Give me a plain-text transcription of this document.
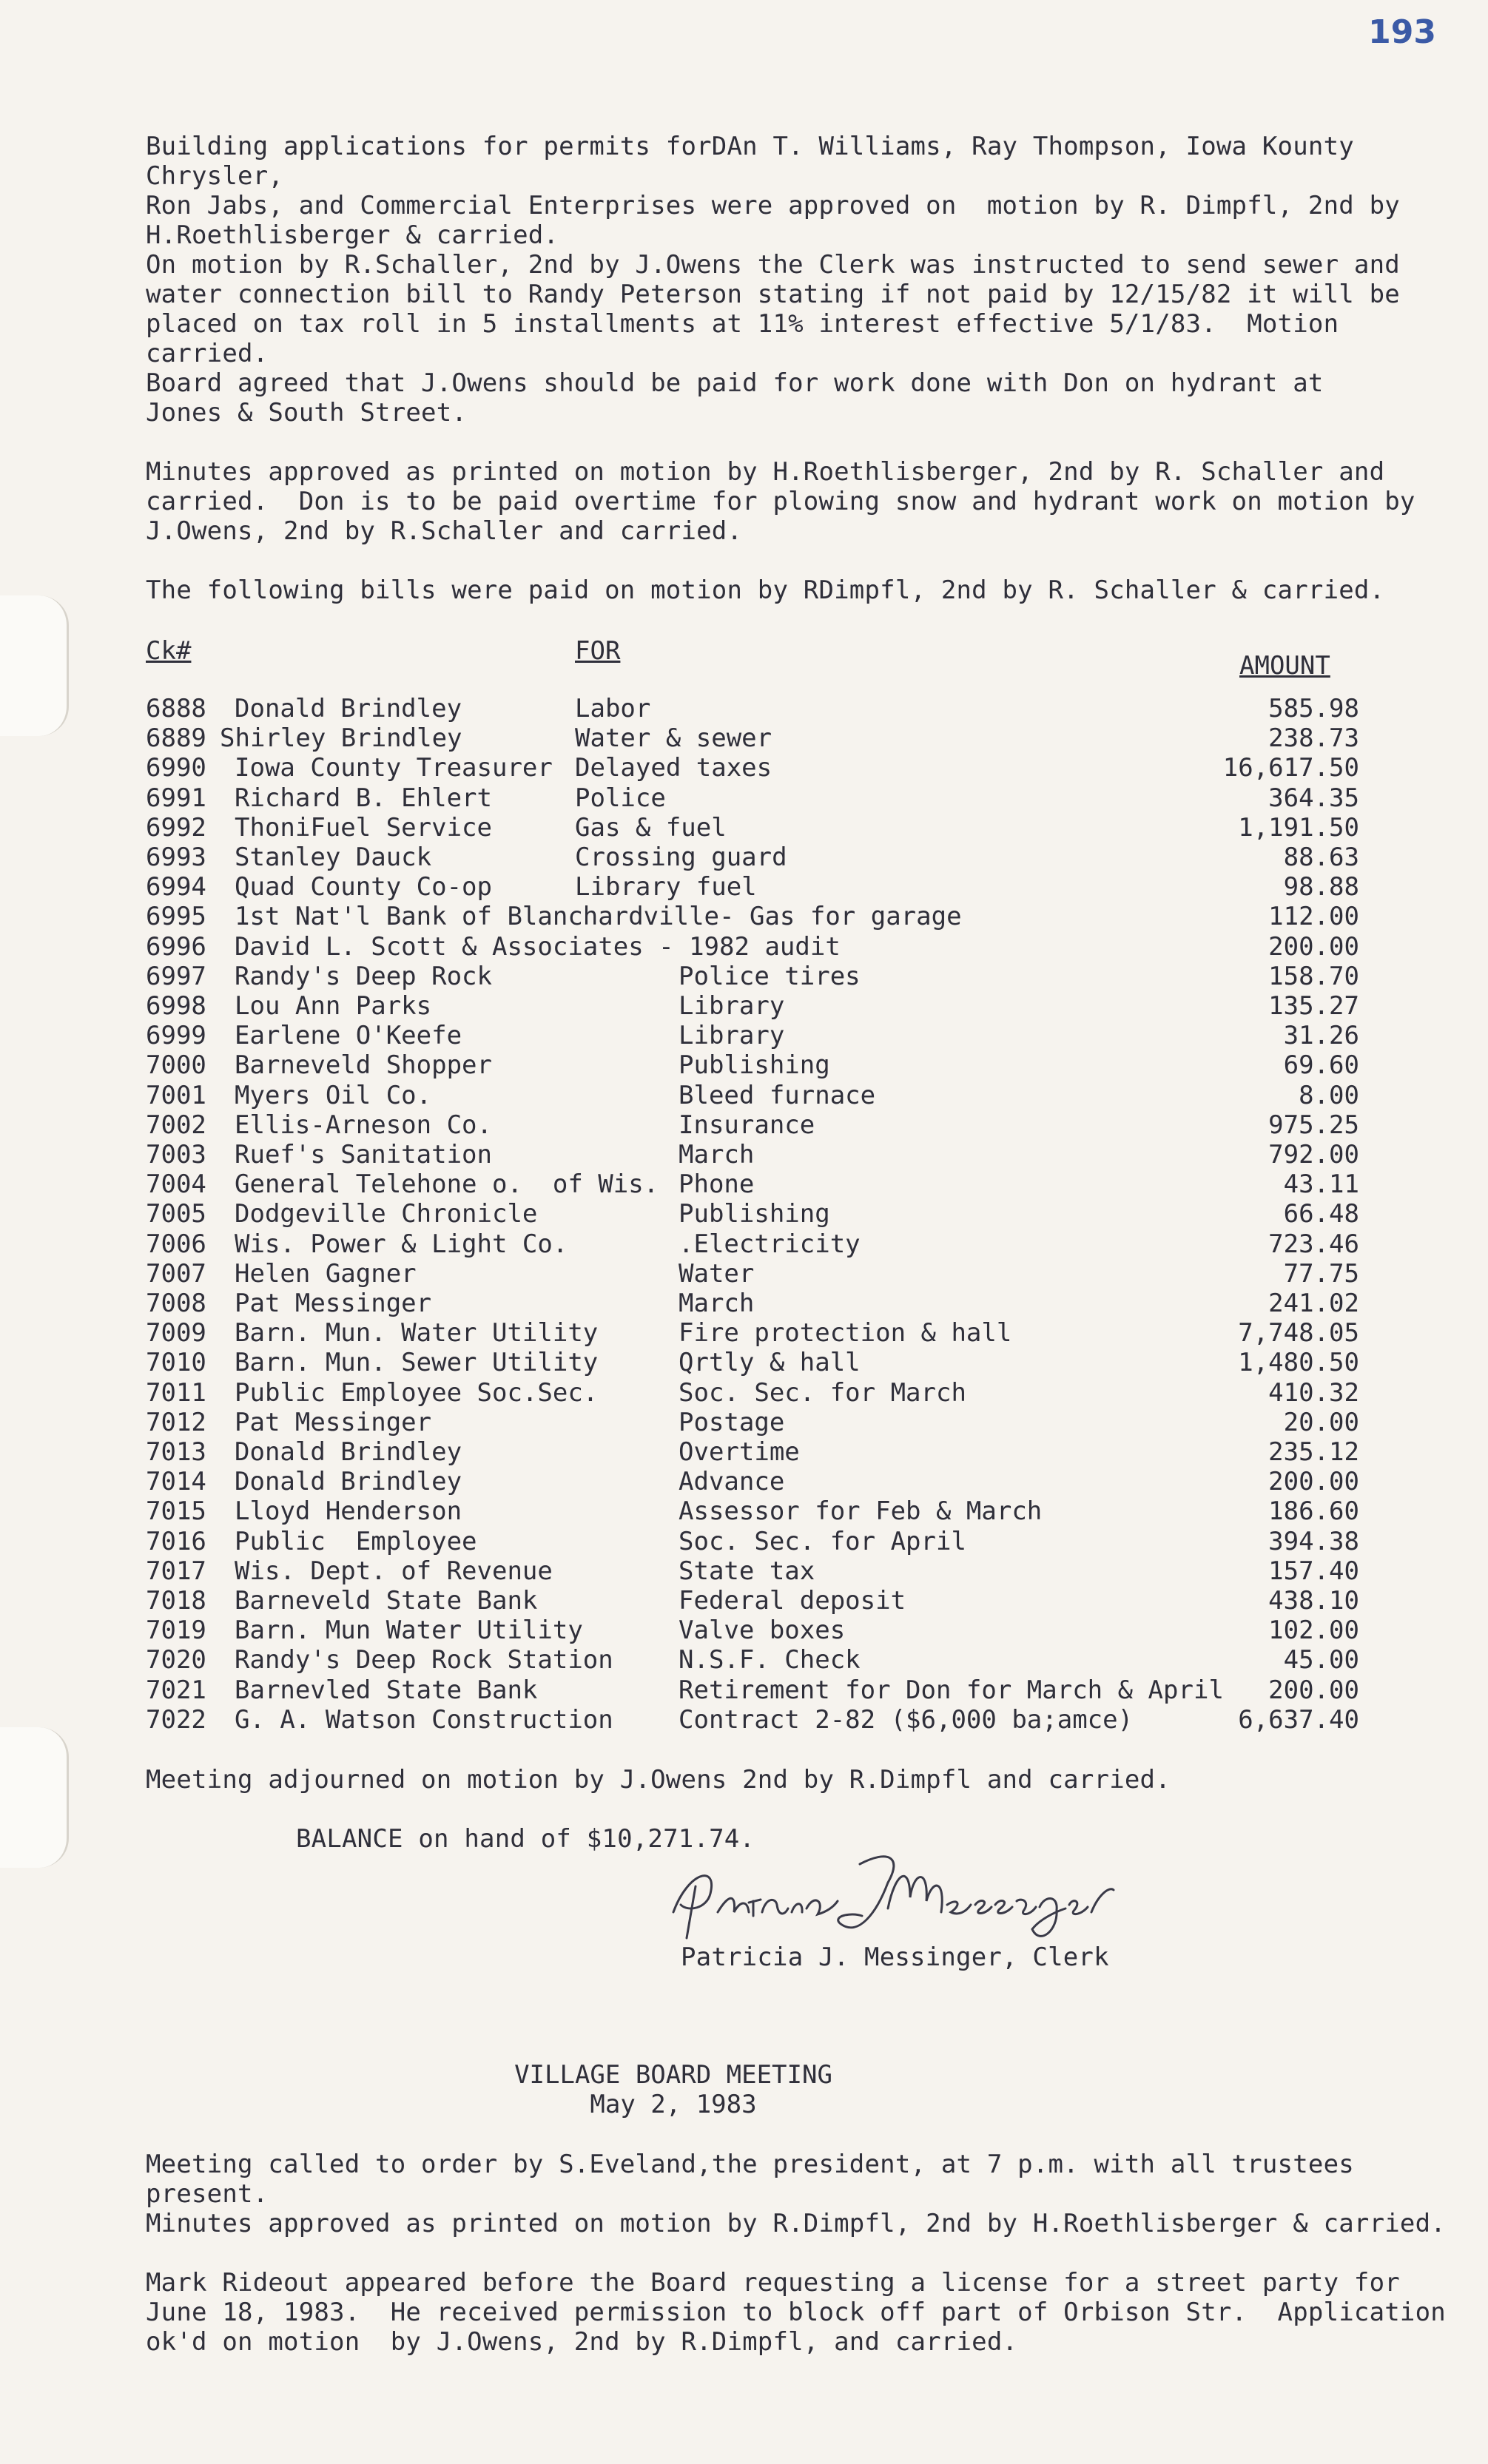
193
Building applications for permits forDAn T. Williams, Ray Thompson, Iowa Kounty Chrysler,
Ron Jabs, and Commercial Enterprises were approved on  motion by R. Dimpfl, 2nd by
H.Roethlisberger & carried.
On motion by R.Schaller, 2nd by J.Owens the Clerk was instructed to send sewer and
water connection bill to Randy Peterson stating if not paid by 12/15/82 it will be
placed on tax roll in 5 installments at 11% interest effective 5/1/83.  Motion carried.
Board agreed that J.Owens should be paid for work done with Don on hydrant at
Jones & South Street.
Minutes approved as printed on motion by H.Roethlisberger, 2nd by R. Schaller and
carried.  Don is to be paid overtime for plowing snow and hydrant work on motion by
J.Owens, 2nd by R.Schaller and carried.
The following bills were paid on motion by RDimpfl, 2nd by R. Schaller & carried.
Ck#	FOR	AMOUNT
6888 Donald Brindley	Labor	585.98
6889 Shirley Brindley	Water & sewer	238.73
6990 Iowa County Treasurer Delayed taxes	16,617.50
6991 Richard B. Ehlert	Police	364.35
6992 ThoniFuel Service	Gas & fuel	1,191.50
6993 Stanley Dauck	Crossing guard	88.63
6994 Quad County Co-op	Library fuel	98.88
6995 1st Nat'l Bank of Blanchardville- Gas for garage	112.00
6996 David L. Scott & Associates - 1982 audit	200.00
6997 Randy's Deep Rock	Police tires	158.70
6998 Lou Ann Parks	Library	135.27
6999 Earlene O'Keefe	Library	31.26
7000 Barneveld Shopper	Publishing	69.60
7001 Myers Oil Co.	Bleed furnace	8.00
7002 Ellis-Arneson Co.	Insurance	975.25
7003 Ruef's Sanitation	March	792.00
7004 General Telehone o.  of Wis. Phone	43.11
7005 Dodgeville Chronicle	Publishing	66.48
7006 Wis. Power & Light Co.	.Electricity	723.46
7007 Helen Gagner	Water	77.75
7008 Pat Messinger	March	241.02
7009 Barn. Mun. Water Utility	Fire protection & hall	7,748.05
7010 Barn. Mun. Sewer Utility	Qrtly & hall	1,480.50
7011 Public Employee Soc.Sec.	Soc. Sec. for March	410.32
7012 Pat Messinger	Postage	20.00
7013 Donald Brindley	Overtime	235.12
7014 Donald Brindley	Advance	200.00
7015 Lloyd Henderson	Assessor for Feb & March	186.60
7016 Public  Employee	Soc. Sec. for April	394.38
7017 Wis. Dept. of Revenue	State tax	157.40
7018 Barneveld State Bank	Federal deposit	438.10
7019 Barn. Mun Water Utility	Valve boxes	102.00
7020 Randy's Deep Rock Station	N.S.F. Check	45.00
7021 Barnevled State Bank	Retirement for Don for March & April 200.00
7022 G. A. Watson Construction	Contract 2-82 ($6,000 ba;amce)	6,637.40
Meeting adjourned on motion by J.Owens 2nd by R.Dimpfl and carried.
BALANCE on hand of $10,271.74.
Patricia J. Messinger, Clerk
VILLAGE BOARD MEETING
May 2, 1983
Meeting called to order by S.Eveland,the president, at 7 p.m. with all trustees present.
Minutes approved as printed on motion by R.Dimpfl, 2nd by H.Roethlisberger & carried.
Mark Rideout appeared before the Board requesting a license for a street party for
June 18, 1983.  He received permission to block off part of Orbison Str.  Application
ok'd on motion  by J.Owens, 2nd by R.Dimpfl, and carried.
